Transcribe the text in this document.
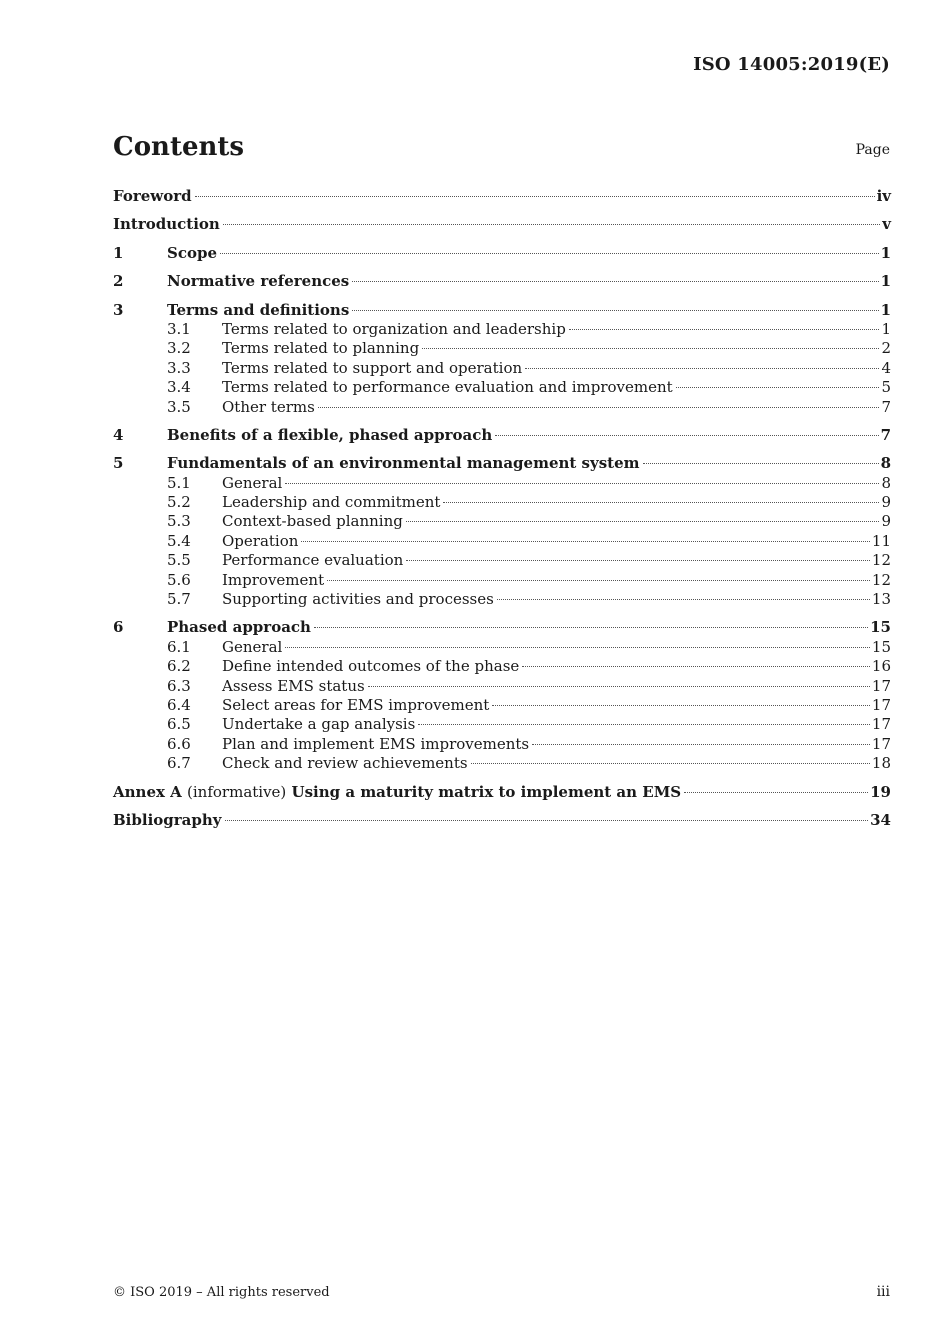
ISO 14005:2019(E)
Contents	Page
Foreword	iv
Introduction	v
1	Scope	1
2	Normative references	1
3	Terms and definitions	1
3.1	Terms related to organization and leadership	1
3.2	Terms related to planning	2
3.3	Terms related to support and operation	4
3.4	Terms related to performance evaluation and improvement	5
3.5	Other terms	7
4	Benefits of a flexible, phased approach	7
5	Fundamentals of an environmental management system	8
5.1	General	8
5.2	Leadership and commitment	9
5.3	Context-based planning	9
5.4	Operation	11
5.5	Performance evaluation	12
5.6	Improvement	12
5.7	Supporting activities and processes	13
6	Phased approach	15
6.1	General	15
6.2	Define intended outcomes of the phase	16
6.3	Assess EMS status	17
6.4	Select areas for EMS improvement	17
6.5	Undertake a gap analysis	17
6.6	Plan and implement EMS improvements	17
6.7	Check and review achievements	18
Annex A (informative) Using a maturity matrix to implement an EMS	19
Bibliography	34
© ISO 2019 – All rights reserved	iii
